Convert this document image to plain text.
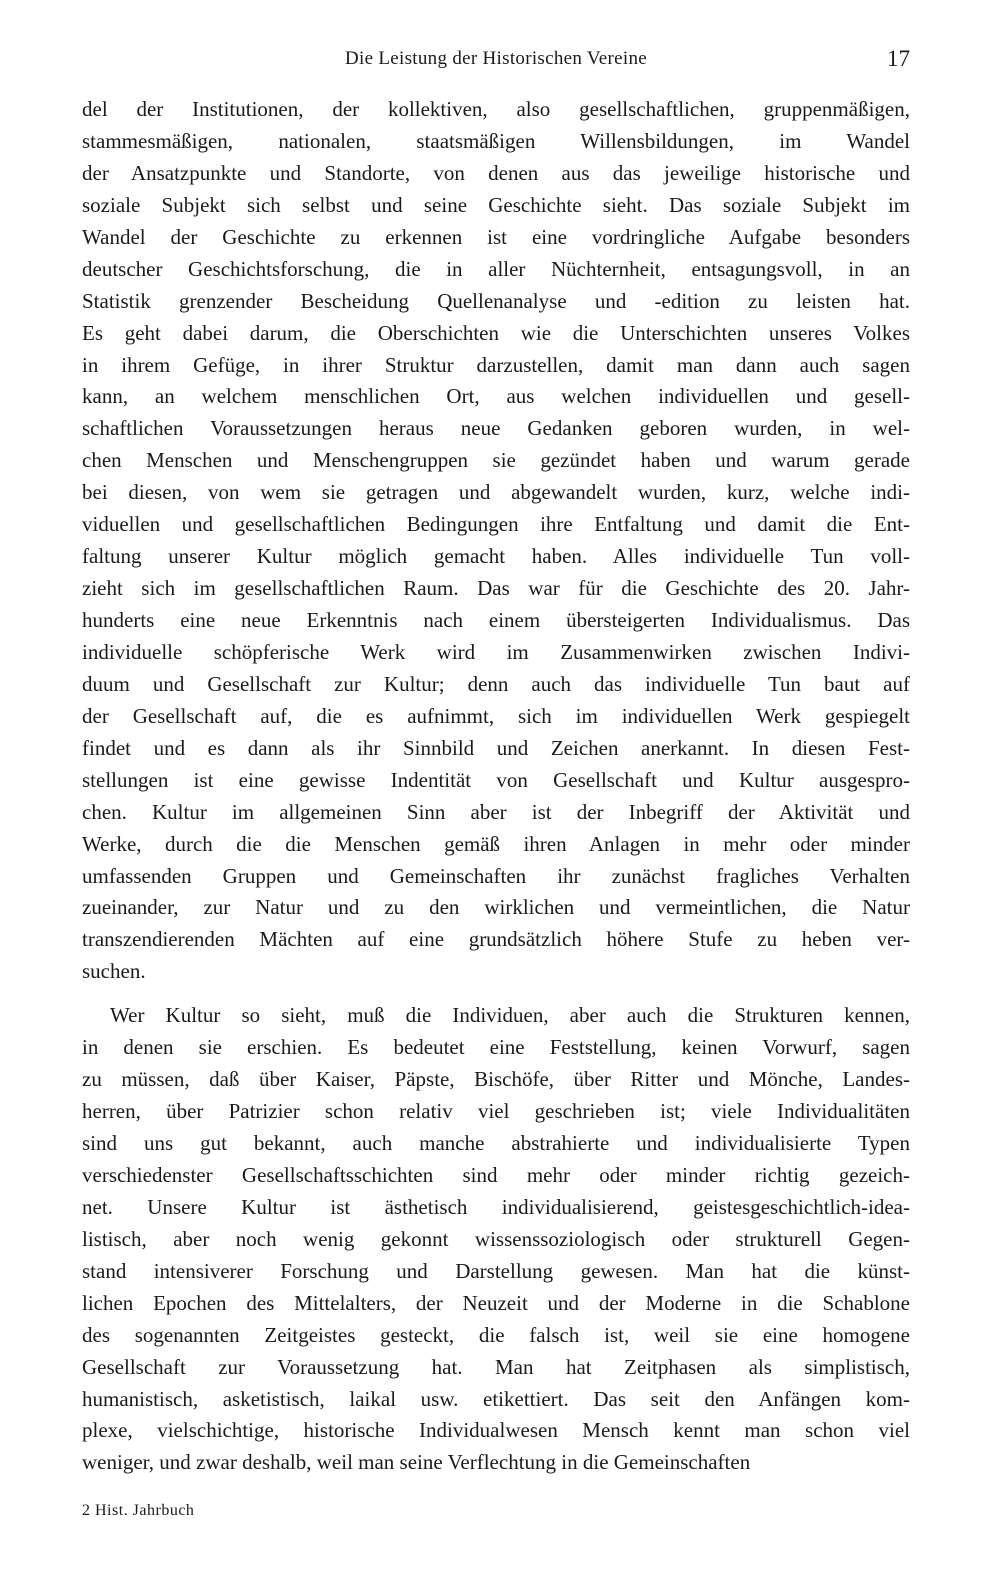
Die Leistung der Historischen Vereine	17
del der Institutionen, der kollektiven, also gesellschaftlichen, gruppenmäßigen,
stammesmäßigen, nationalen, staatsmäßigen Willensbildungen, im Wandel
der Ansatzpunkte und Standorte, von denen aus das jeweilige historische und
soziale Subjekt sich selbst und seine Geschichte sieht. Das soziale Subjekt im
Wandel der Geschichte zu erkennen ist eine vordringliche Aufgabe besonders
deutscher Geschichtsforschung, die in aller Nüchternheit, entsagungsvoll, in an
Statistik grenzender Bescheidung Quellenanalyse und -edition zu leisten hat.
Es geht dabei darum, die Oberschichten wie die Unterschichten unseres Volkes
in ihrem Gefüge, in ihrer Struktur darzustellen, damit man dann auch sagen
kann, an welchem menschlichen Ort, aus welchen individuellen und gesell-
schaftlichen Voraussetzungen heraus neue Gedanken geboren wurden, in wel-
chen Menschen und Menschengruppen sie gezündet haben und warum gerade
bei diesen, von wem sie getragen und abgewandelt wurden, kurz, welche indi-
viduellen und gesellschaftlichen Bedingungen ihre Entfaltung und damit die Ent-
faltung unserer Kultur möglich gemacht haben. Alles individuelle Tun voll-
zieht sich im gesellschaftlichen Raum. Das war für die Geschichte des 20. Jahr-
hunderts eine neue Erkenntnis nach einem übersteigerten Individualismus. Das
individuelle schöpferische Werk wird im Zusammenwirken zwischen Indivi-
duum und Gesellschaft zur Kultur; denn auch das individuelle Tun baut auf
der Gesellschaft auf, die es aufnimmt, sich im individuellen Werk gespiegelt
findet und es dann als ihr Sinnbild und Zeichen anerkannt. In diesen Fest-
stellungen ist eine gewisse Indentität von Gesellschaft und Kultur ausgespro-
chen. Kultur im allgemeinen Sinn aber ist der Inbegriff der Aktivität und
Werke, durch die die Menschen gemäß ihren Anlagen in mehr oder minder
umfassenden Gruppen und Gemeinschaften ihr zunächst fragliches Verhalten
zueinander, zur Natur und zu den wirklichen und vermeintlichen, die Natur
transzendierenden Mächten auf eine grundsätzlich höhere Stufe zu heben ver-
suchen.
Wer Kultur so sieht, muß die Individuen, aber auch die Strukturen kennen,
in denen sie erschien. Es bedeutet eine Feststellung, keinen Vorwurf, sagen
zu müssen, daß über Kaiser, Päpste, Bischöfe, über Ritter und Mönche, Landes-
herren, über Patrizier schon relativ viel geschrieben ist; viele Individualitäten
sind uns gut bekannt, auch manche abstrahierte und individualisierte Typen
verschiedenster Gesellschaftsschichten sind mehr oder minder richtig gezeich-
net. Unsere Kultur ist ästhetisch individualisierend, geistesgeschichtlich-idea-
listisch, aber noch wenig gekonnt wissenssoziologisch oder strukturell Gegen-
stand intensiverer Forschung und Darstellung gewesen. Man hat die künst-
lichen Epochen des Mittelalters, der Neuzeit und der Moderne in die Schablone
des sogenannten Zeitgeistes gesteckt, die falsch ist, weil sie eine homogene
Gesellschaft zur Voraussetzung hat. Man hat Zeitphasen als simplistisch,
humanistisch, asketistisch, laikal usw. etikettiert. Das seit den Anfängen kom-
plexe, vielschichtige, historische Individualwesen Mensch kennt man schon viel
weniger, und zwar deshalb, weil man seine Verflechtung in die Gemeinschaften
2 Hist. Jahrbuch
